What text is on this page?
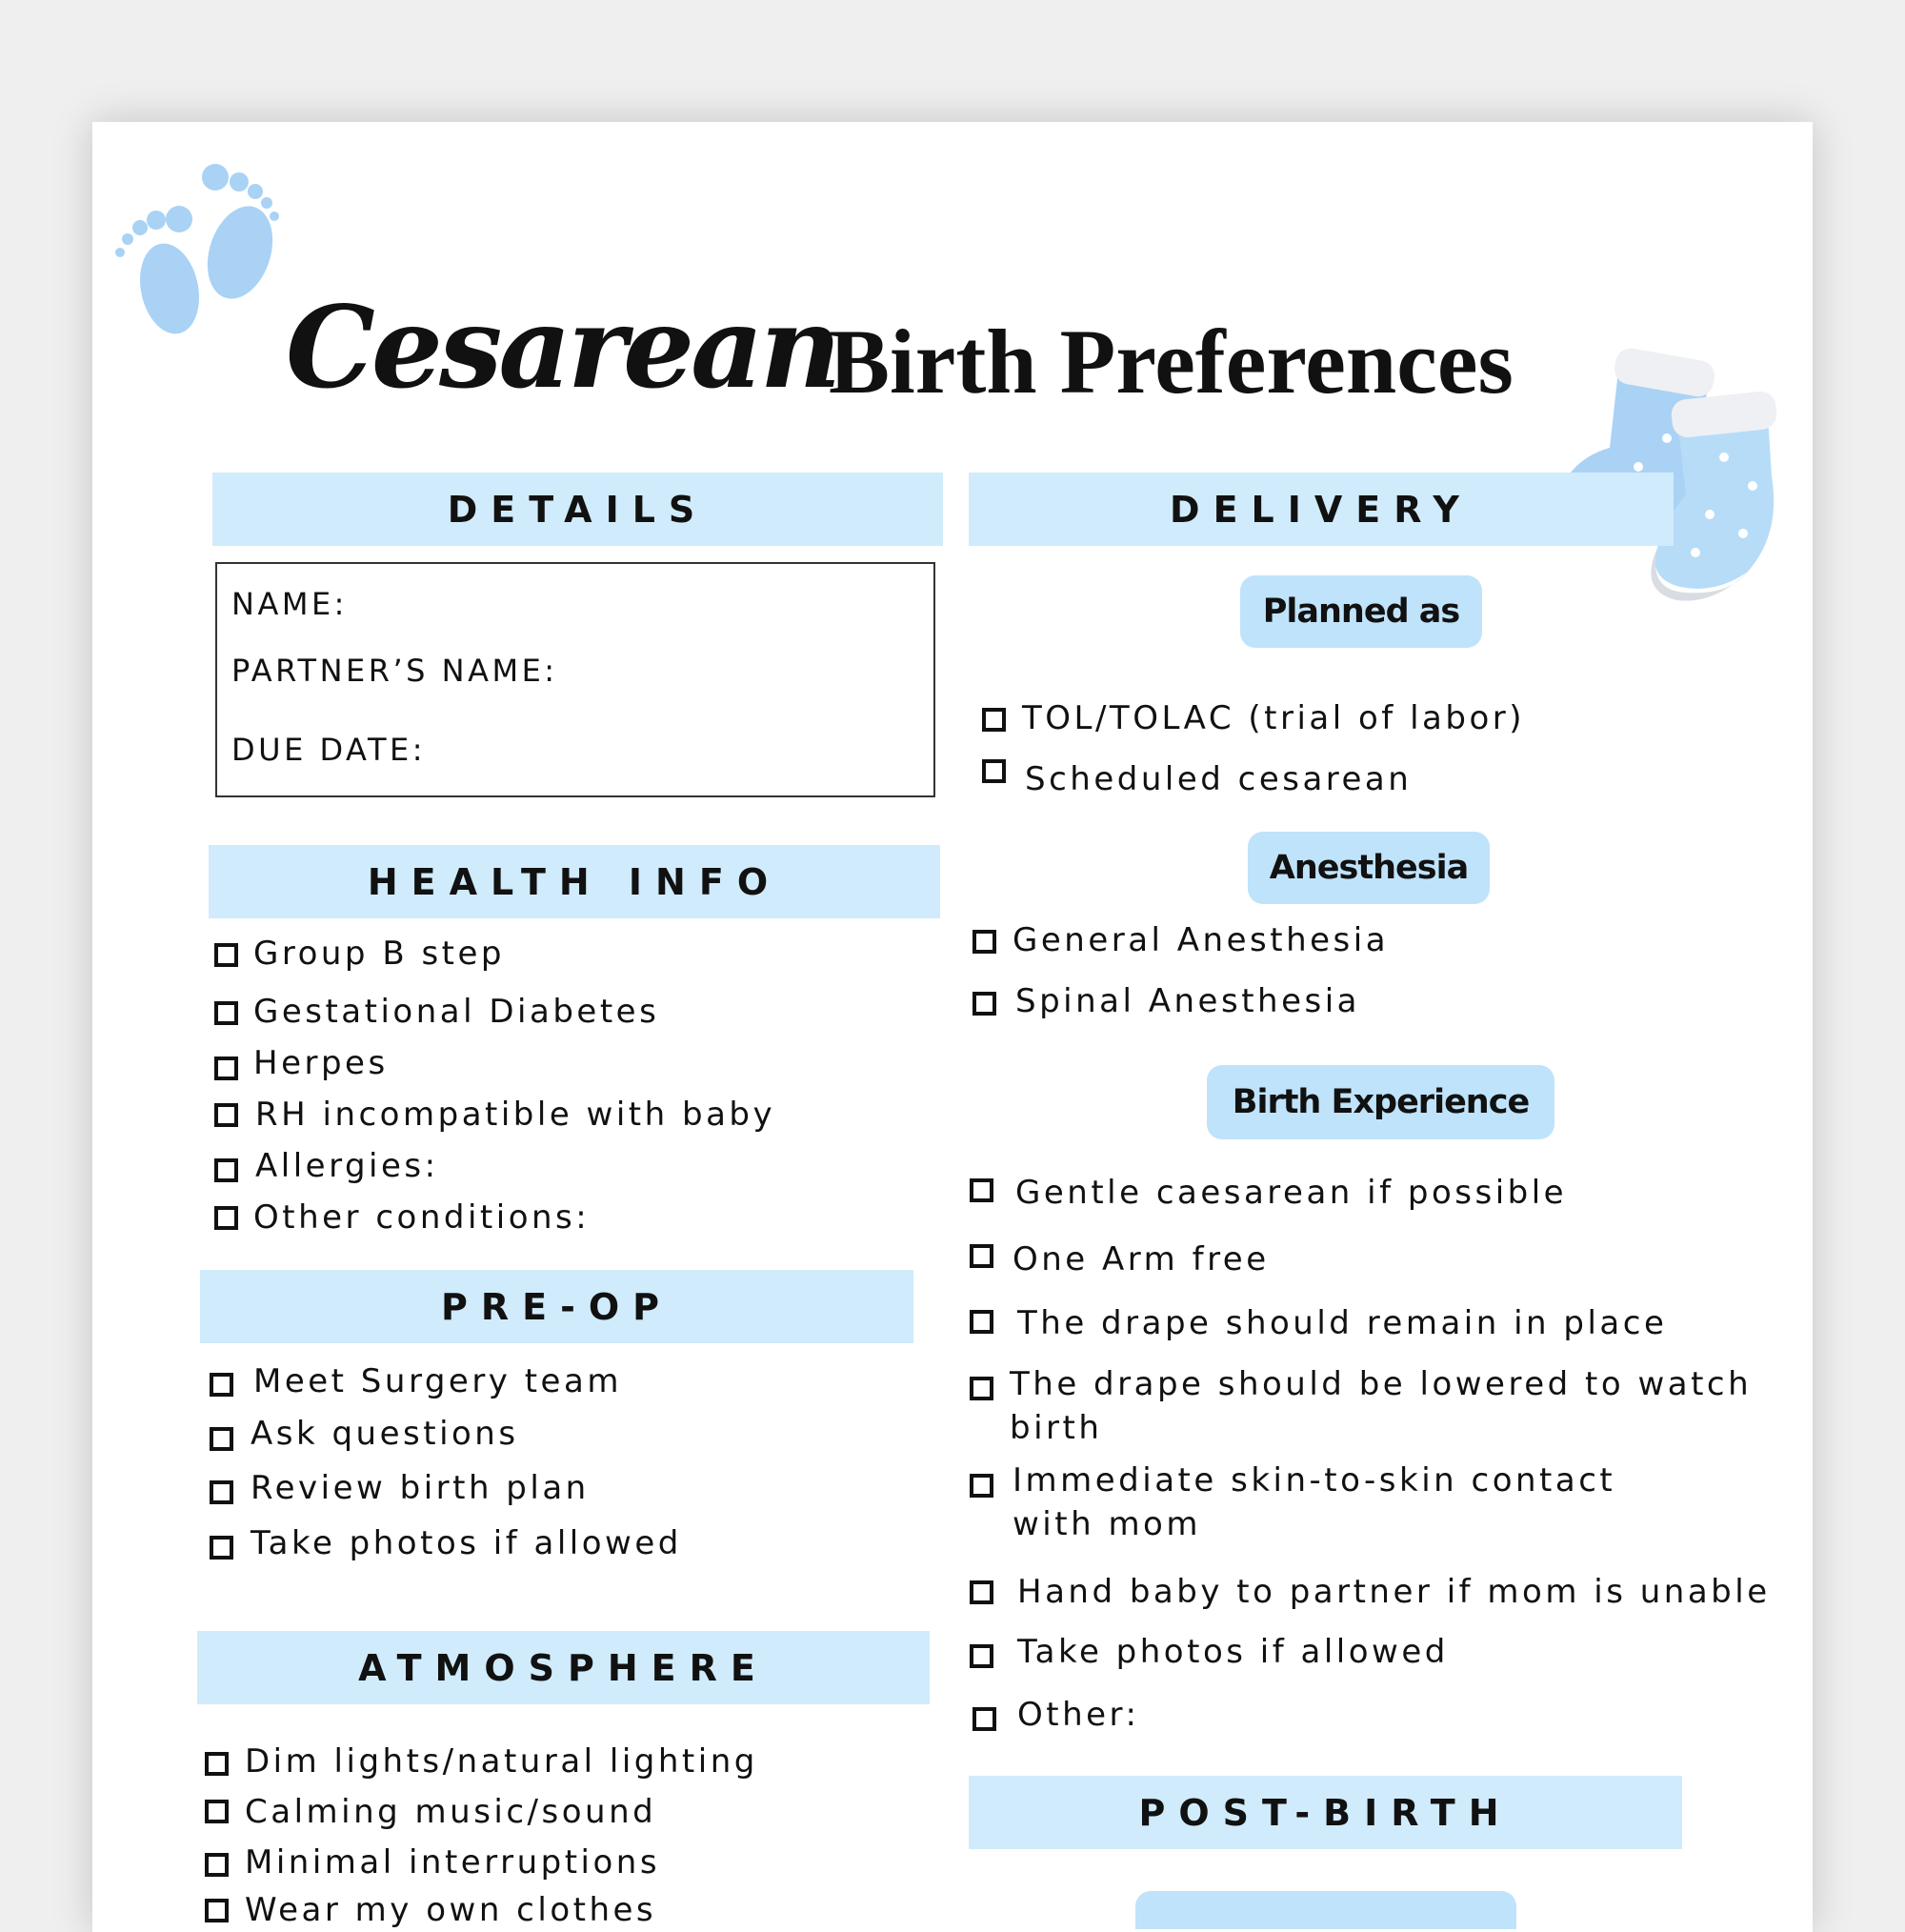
Cesarean
Birth Preferences
DETAILS
NAME:
PARTNER’S NAME:
DUE DATE:
HEALTH INFO
Group B step
Gestational Diabetes
Herpes
RH incompatible with baby
Allergies:
Other conditions:
PRE-OP
Meet Surgery team
Ask questions
Review birth plan
Take photos if allowed
ATMOSPHERE
Dim lights/natural lighting
Calming music/sound
Minimal interruptions
Wear my own clothes
DELIVERY
Planned as
TOL/TOLAC (trial of labor)
Scheduled cesarean
Anesthesia
General Anesthesia
Spinal Anesthesia
Birth Experience
Gentle caesarean if possible
One Arm free
The drape should remain in place
The drape should be lowered to watch birth
Immediate skin-to-skin contact with mom
Hand baby to partner if mom is unable
Take photos if allowed
Other:
POST-BIRTH
